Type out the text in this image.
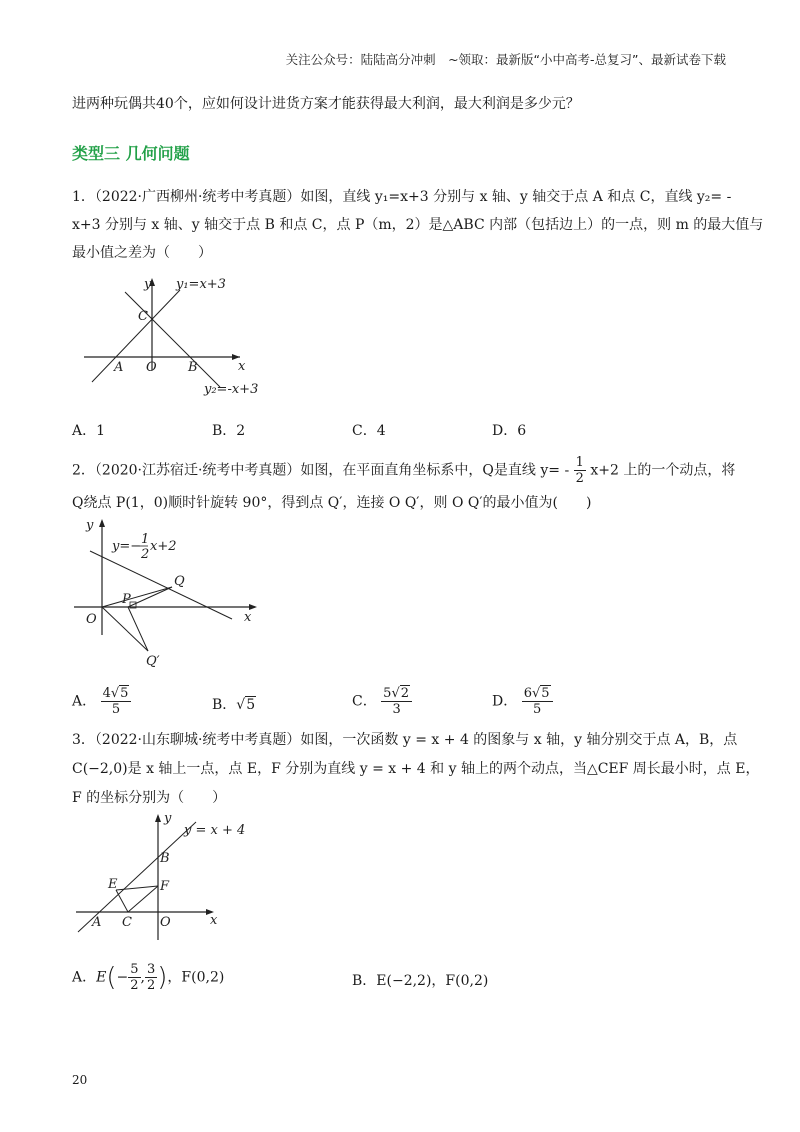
关注公众号：陆陆高分冲刺　~领取：最新版“小中高考-总复习”、最新试卷下载
进两种玩偶共40个，应如何设计进货方案才能获得最大利润，最大利润是多少元？
类型三 几何问题
1．（2022·广西柳州·统考中考真题）如图，直线 y₁=x+3 分别与 x 轴、y 轴交于点 A 和点 C，直线 y₂= -
x+3 分别与 x 轴、y 轴交于点 B 和点 C，点 P（m，2）是△ABC 内部（包括边上）的一点，则 m 的最大值与
最小值之差为（　　）
y y₁=x+3
C
A O B	x
y₂=-x+3
A．1	B．2	C．4	D．6
2．（2020·江苏宿迁·统考中考真题）如图，在平面直角坐标系中，Q是直线 $y= - \frac{1}{2} x+2$ 上的一个动点，将
Q绕点 P(1，0)顺时针旋转 90°，得到点 Q′，连接 O Q′，则 O Q′的最小值为(　　)
y
y=− 1
2
x+2
Q
P
O	x
Q′
A． $\frac{4√5}{5}$	B．√5	C． $\frac{5√2}{3}$	D． $\frac{6√5}{5}$
3．（2022·山东聊城·统考中考真题）如图，一次函数 y = x + 4 的图象与 x 轴，y 轴分别交于点 A，B，点
C(−2,0)是 x 轴上一点，点 E，F 分别为直线 y = x + 4 和 y 轴上的两个动点，当△CEF 周长最小时，点 E，
F 的坐标分别为（　　）
y
y = x + 4
B
E	F
A C O	x
A．$E(- \frac{5}{2}$ , $\frac{3}{2}$ )，F(0,2)	B．E(−2,2)，F(0,2)
20
